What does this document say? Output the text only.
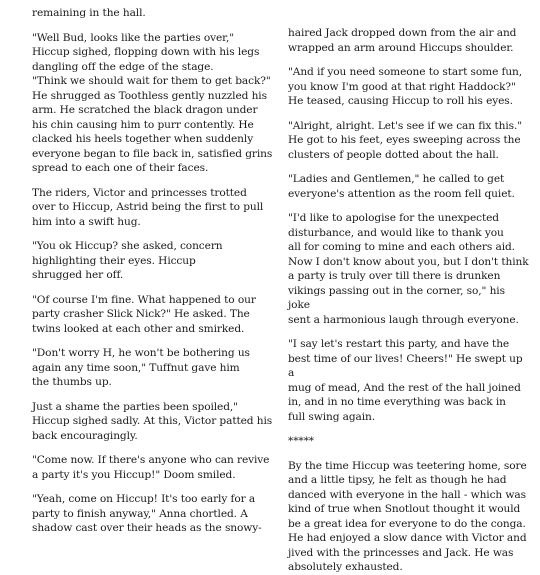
remaining in the hall.

"Well Bud, looks like the parties over,"
Hiccup sighed, flopping down with his legs
dangling off the edge of the stage.
"Think we should wait for them to get back?"
He shrugged as Toothless gently nuzzled his
arm. He scratched the black dragon under
his chin causing him to purr contently. He
clacked his heels together when suddenly
everyone began to file back in, satisfied grins
spread to each one of their faces.

The riders, Victor and princesses trotted
over to Hiccup, Astrid being the first to pull
him into a swift hug.

"You ok Hiccup? she asked, concern
highlighting their eyes. Hiccup
shrugged her off.

"Of course I'm fine. What happened to our
party crasher Slick Nick?" He asked. The
twins looked at each other and smirked.

"Don't worry H, he won't be bothering us
again any time soon," Tuffnut gave him
the thumbs up.

Just a shame the parties been spoiled,"
Hiccup sighed sadly. At this, Victor patted his
back encouragingly.

"Come now. If there's anyone who can revive
a party it's you Hiccup!" Doom smiled.

"Yeah, come on Hiccup! It's too early for a
party to finish anyway," Anna chortled. A
shadow cast over their heads as the snowy-

haired Jack dropped down from the air and
wrapped an arm around Hiccups shoulder.

"And if you need someone to start some fun,
you know I'm good at that right Haddock?"
He teased, causing Hiccup to roll his eyes.

"Alright, alright. Let's see if we can fix this."
He got to his feet, eyes sweeping across the
clusters of people dotted about the hall.

"Ladies and Gentlemen," he called to get
everyone's attention as the room fell quiet.

"I'd like to apologise for the unexpected
disturbance, and would like to thank you
all for coming to mine and each others aid.
Now I don't know about you, but I don't think
a party is truly over till there is drunken
vikings passing out in the corner, so," his joke
sent a harmonious laugh through everyone.

"I say let's restart this party, and have the
best time of our lives! Cheers!" He swept up a
mug of mead, And the rest of the hall joined
in, and in no time everything was back in
full swing again.

*****

By the time Hiccup was teetering home, sore
and a little tipsy, he felt as though he had
danced with everyone in the hall - which was
kind of true when Snotlout thought it would
be a great idea for everyone to do the conga.
He had enjoyed a slow dance with Victor and
jived with the princesses and Jack. He was
absolutely exhausted.
